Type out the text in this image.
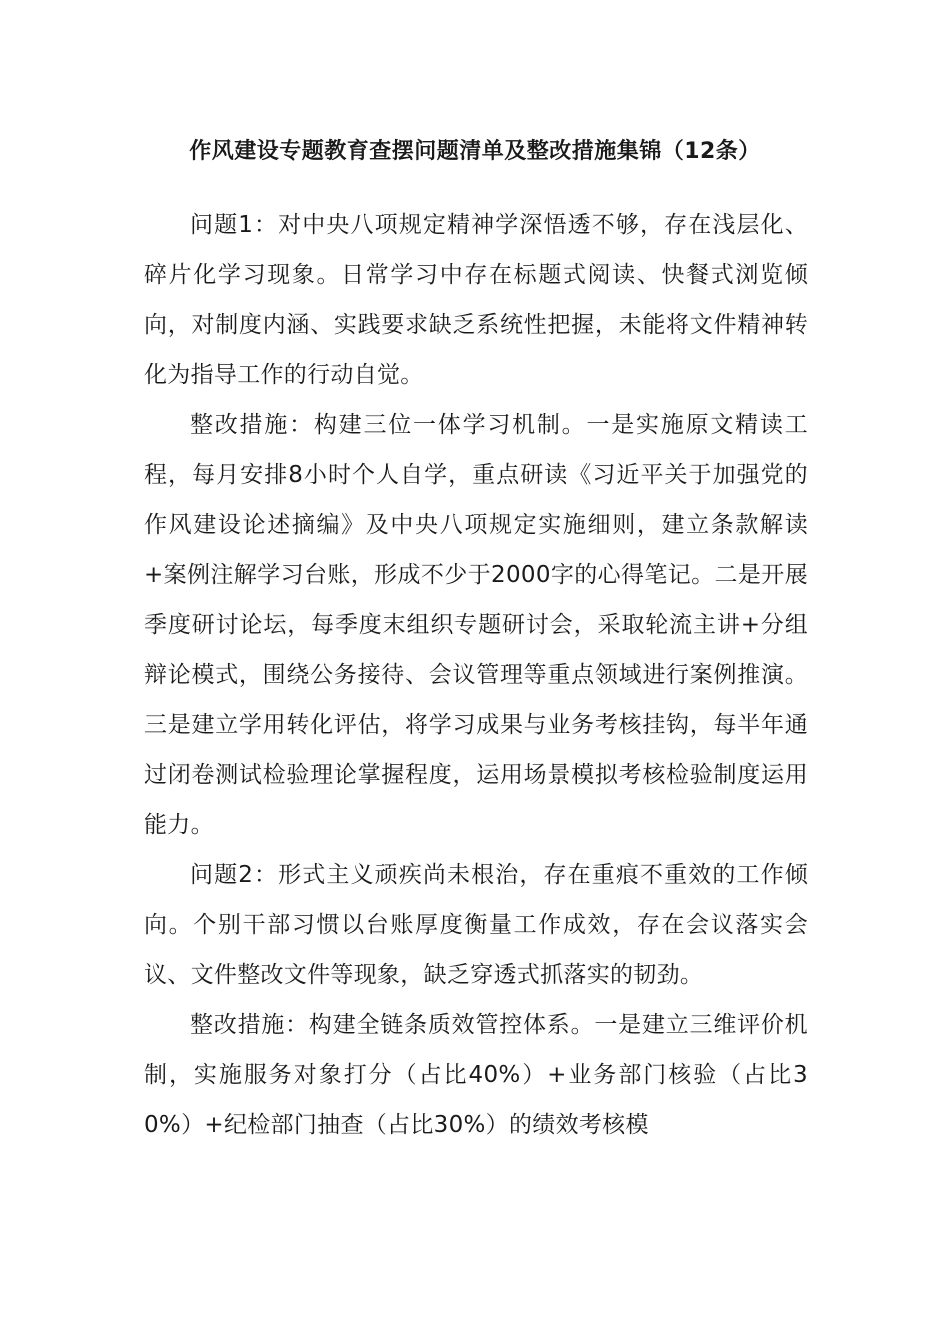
作风建设专题教育查摆问题清单及整改措施集锦（12条）

问题1：对中央八项规定精神学深悟透不够，存在浅层化、碎片化学习现象。日常学习中存在标题式阅读、快餐式浏览倾向，对制度内涵、实践要求缺乏系统性把握，未能将文件精神转化为指导工作的行动自觉。

整改措施：构建三位一体学习机制。一是实施原文精读工程，每月安排8小时个人自学，重点研读《习近平关于加强党的作风建设论述摘编》及中央八项规定实施细则，建立条款解读+案例注解学习台账，形成不少于2000字的心得笔记。二是开展季度研讨论坛，每季度末组织专题研讨会，采取轮流主讲+分组辩论模式，围绕公务接待、会议管理等重点领域进行案例推演。三是建立学用转化评估，将学习成果与业务考核挂钩，每半年通过闭卷测试检验理论掌握程度，运用场景模拟考核检验制度运用能力。

问题2：形式主义顽疾尚未根治，存在重痕不重效的工作倾向。个别干部习惯以台账厚度衡量工作成效，存在会议落实会议、文件整改文件等现象，缺乏穿透式抓落实的韧劲。

整改措施：构建全链条质效管控体系。一是建立三维评价机制，实施服务对象打分（占比40%）+业务部门核验（占比30%）+纪检部门抽查（占比30%）的绩效考核模
